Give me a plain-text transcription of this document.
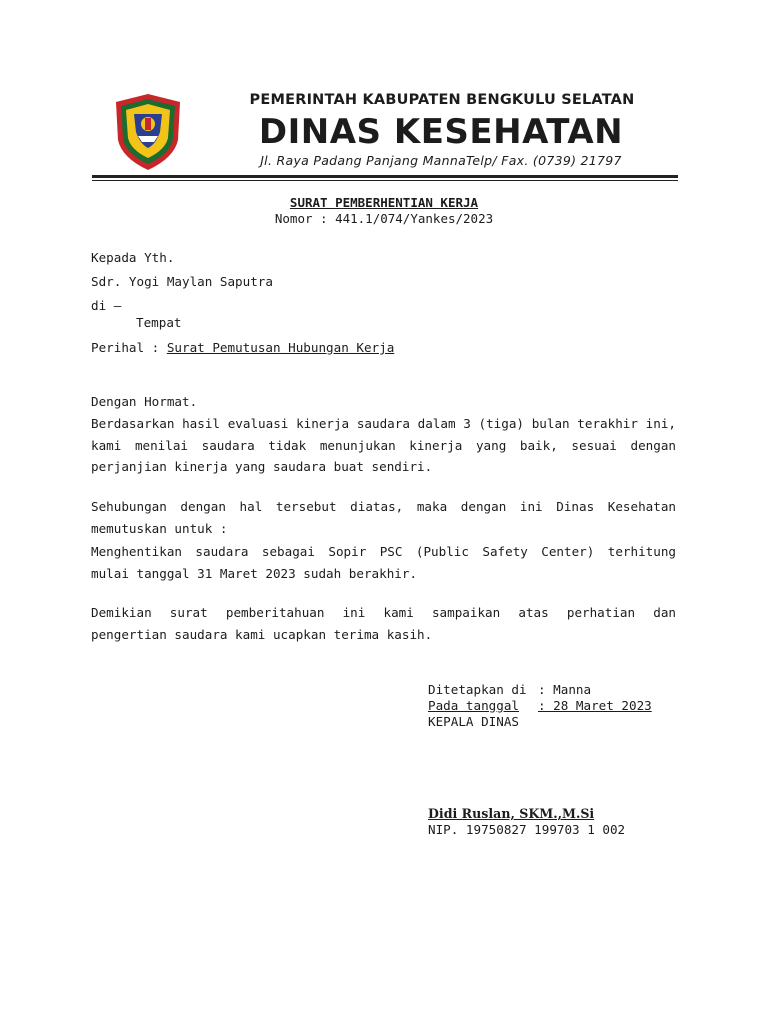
PEMERINTAH KABUPATEN BENGKULU SELATAN
DINAS KESEHATAN
Jl. Raya Padang Panjang MannaTelp/ Fax. (0739) 21797
SURAT PEMBERHENTIAN KERJA
Nomor : 441.1/074/Yankes/2023
Kepada Yth.
Sdr. Yogi Maylan Saputra
di –
Tempat
Perihal : Surat Pemutusan Hubungan Kerja
Dengan Hormat.
Berdasarkan hasil evaluasi kinerja saudara dalam 3 (tiga) bulan terakhir ini,
kami menilai saudara tidak menunjukan kinerja yang baik, sesuai dengan
perjanjian kinerja yang saudara buat sendiri.
Sehubungan dengan hal tersebut diatas, maka dengan ini Dinas Kesehatan
memutuskan untuk :
Menghentikan saudara sebagai Sopir PSC (Public Safety Center) terhitung
mulai tanggal 31 Maret 2023 sudah berakhir.
Demikian surat pemberitahuan ini kami sampaikan atas perhatian dan
pengertian saudara kami ucapkan terima kasih.
Ditetapkan di : Manna
Pada tanggal	: 28 Maret 2023
KEPALA DINAS
Didi Ruslan, SKM.,M.Si
NIP. 19750827 199703 1 002
